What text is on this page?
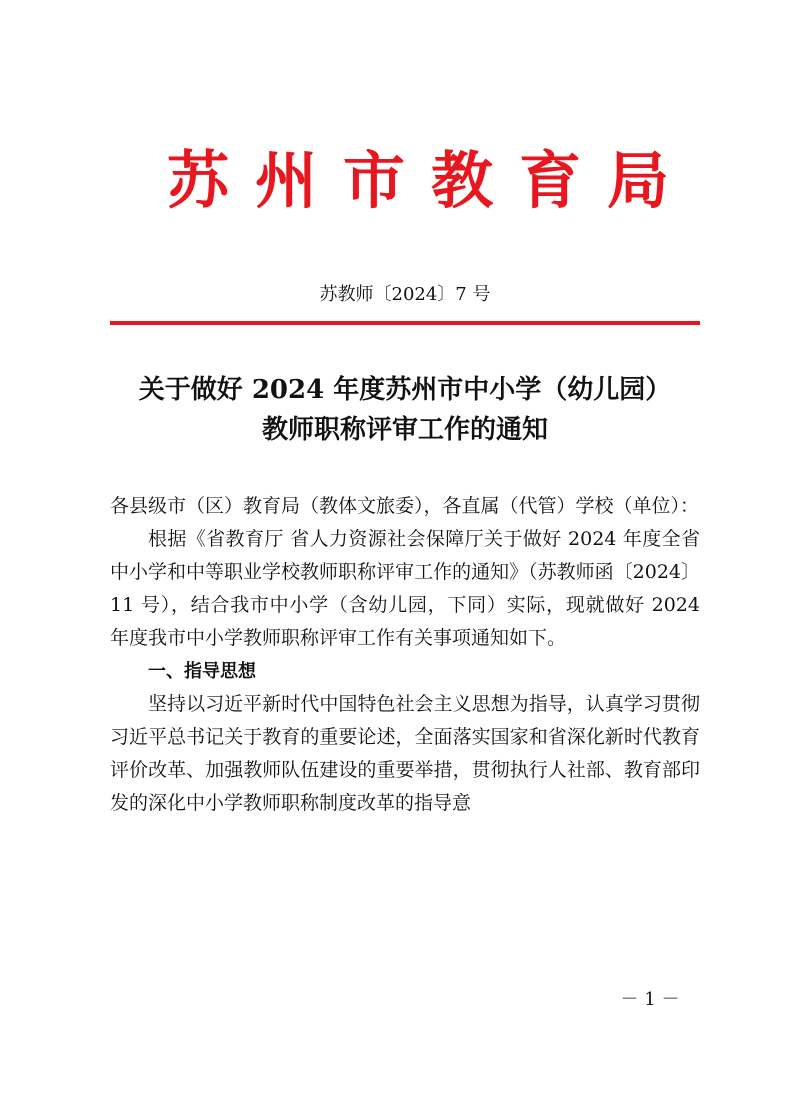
苏州市教育局
苏教师〔2024〕7 号
关于做好 2024 年度苏州市中小学（幼儿园）
教师职称评审工作的通知

各县级市（区）教育局（教体文旅委），各直属（代管）学校（单位）：

根据《省教育厅 省人力资源社会保障厅关于做好 2024 年度全省中小学和中等职业学校教师职称评审工作的通知》（苏教师函〔2024〕11 号），结合我市中小学（含幼儿园，下同）实际，现就做好 2024 年度我市中小学教师职称评审工作有关事项通知如下。

一、指导思想

坚持以习近平新时代中国特色社会主义思想为指导，认真学习贯彻习近平总书记关于教育的重要论述，全面落实国家和省深化新时代教育评价改革、加强教师队伍建设的重要举措，贯彻执行人社部、教育部印发的深化中小学教师职称制度改革的指导意

－ 1 －
